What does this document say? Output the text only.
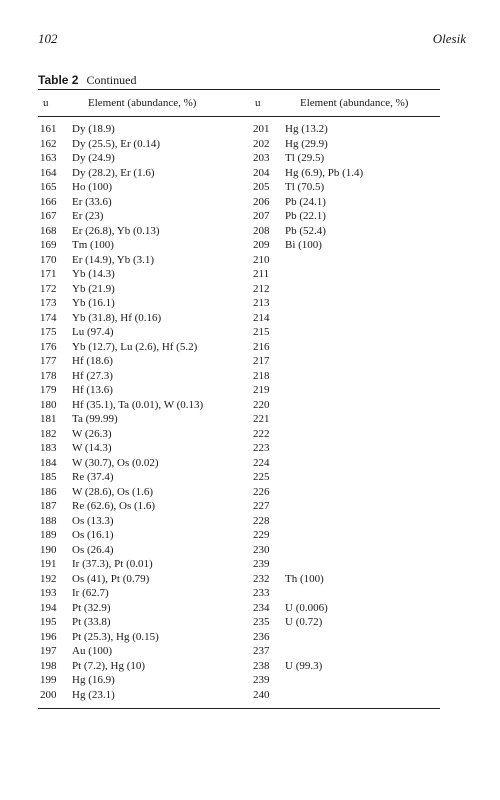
102	Olesik
Table 2 Continued
u	Element (abundance, %)	u	Element (abundance, %)
161 Dy (18.9)	201 Hg (13.2)
162 Dy (25.5), Er (0.14)	202 Hg (29.9)
163 Dy (24.9)	203 Tl (29.5)
164 Dy (28.2), Er (1.6)	204 Hg (6.9), Pb (1.4)
165 Ho (100)	205 Tl (70.5)
166 Er (33.6)	206 Pb (24.1)
167 Er (23)	207 Pb (22.1)
168 Er (26.8), Yb (0.13)	208 Pb (52.4)
169 Tm (100)	209 Bi (100)
170 Er (14.9), Yb (3.1)	210
171 Yb (14.3)	211
172 Yb (21.9)	212
173 Yb (16.1)	213
174 Yb (31.8), Hf (0.16)	214
175 Lu (97.4)	215
176 Yb (12.7), Lu (2.6), Hf (5.2)	216
177 Hf (18.6)	217
178 Hf (27.3)	218
179 Hf (13.6)	219
180 Hf (35.1), Ta (0.01), W (0.13)	220
181 Ta (99.99)	221
182 W (26.3)	222
183 W (14.3)	223
184 W (30.7), Os (0.02)	224
185 Re (37.4)	225
186 W (28.6), Os (1.6)	226
187 Re (62.6), Os (1.6)	227
188 Os (13.3)	228
189 Os (16.1)	229
190 Os (26.4)	230
191 Ir (37.3), Pt (0.01)	239
192 Os (41), Pt (0.79)	232 Th (100)
193 Ir (62.7)	233
194 Pt (32.9)	234 U (0.006)
195 Pt (33.8)	235 U (0.72)
196 Pt (25.3), Hg (0.15)	236
197 Au (100)	237
198 Pt (7.2), Hg (10)	238 U (99.3)
199 Hg (16.9)	239
200 Hg (23.1)	240
